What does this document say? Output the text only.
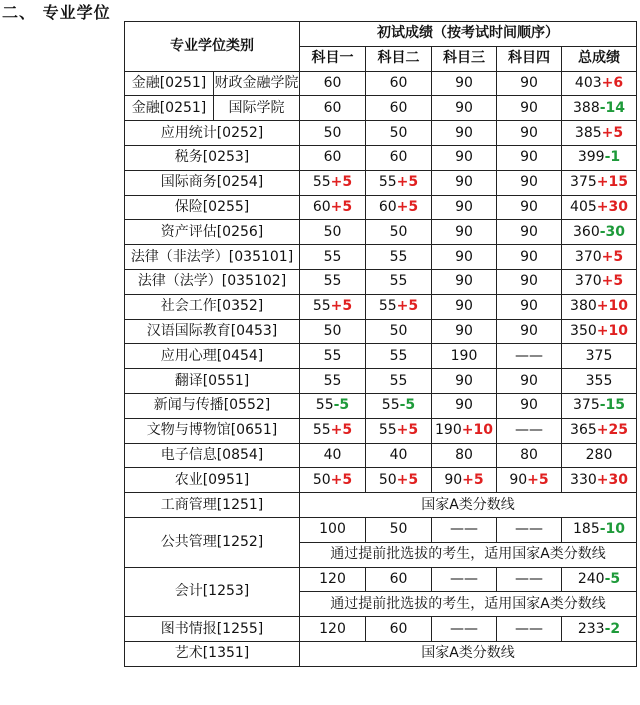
二、 专业学位
专业学位类别		初试成绩（按考试时间顺序）				
		科目一	科目二	科目三	科目四	总成绩
金融[0251]	财政金融学院	60	60	90	90	403+6
金融[0251]	国际学院	60	60	90	90	388-14
应用统计[0252]		50	50	90	90	385+5
税务[0253]		60	60	90	90	399-1
国际商务[0254]		55+5	55+5	90	90	375+15
保险[0255]		60+5	60+5	90	90	405+30
资产评估[0256]		50	50	90	90	360-30
法律（非法学）[035101]		55	55	90	90	370+5
法律（法学）[035102]		55	55	90	90	370+5
社会工作[0352]		55+5	55+5	90	90	380+10
汉语国际教育[0453]		50	50	90	90	350+10
应用心理[0454]		55	55	190	——	375
翻译[0551]		55	55	90	90	355
新闻与传播[0552]		55-5	55-5	90	90	375-15
文物与博物馆[0651]		55+5	55+5	190+10	——	365+25
电子信息[0854]		40	40	80	80	280
农业[0951]		50+5	50+5	90+5	90+5	330+30
工商管理[1251]		国家A类分数线				
公共管理[1252]		100	50	——	——	185-10
		通过提前批选拔的考生，适用国家A类分数线				
会计[1253]		120	60	——	——	240-5
		通过提前批选拔的考生，适用国家A类分数线				
图书情报[1255]		120	60	——	——	233-2
艺术[1351]		国家A类分数线				
